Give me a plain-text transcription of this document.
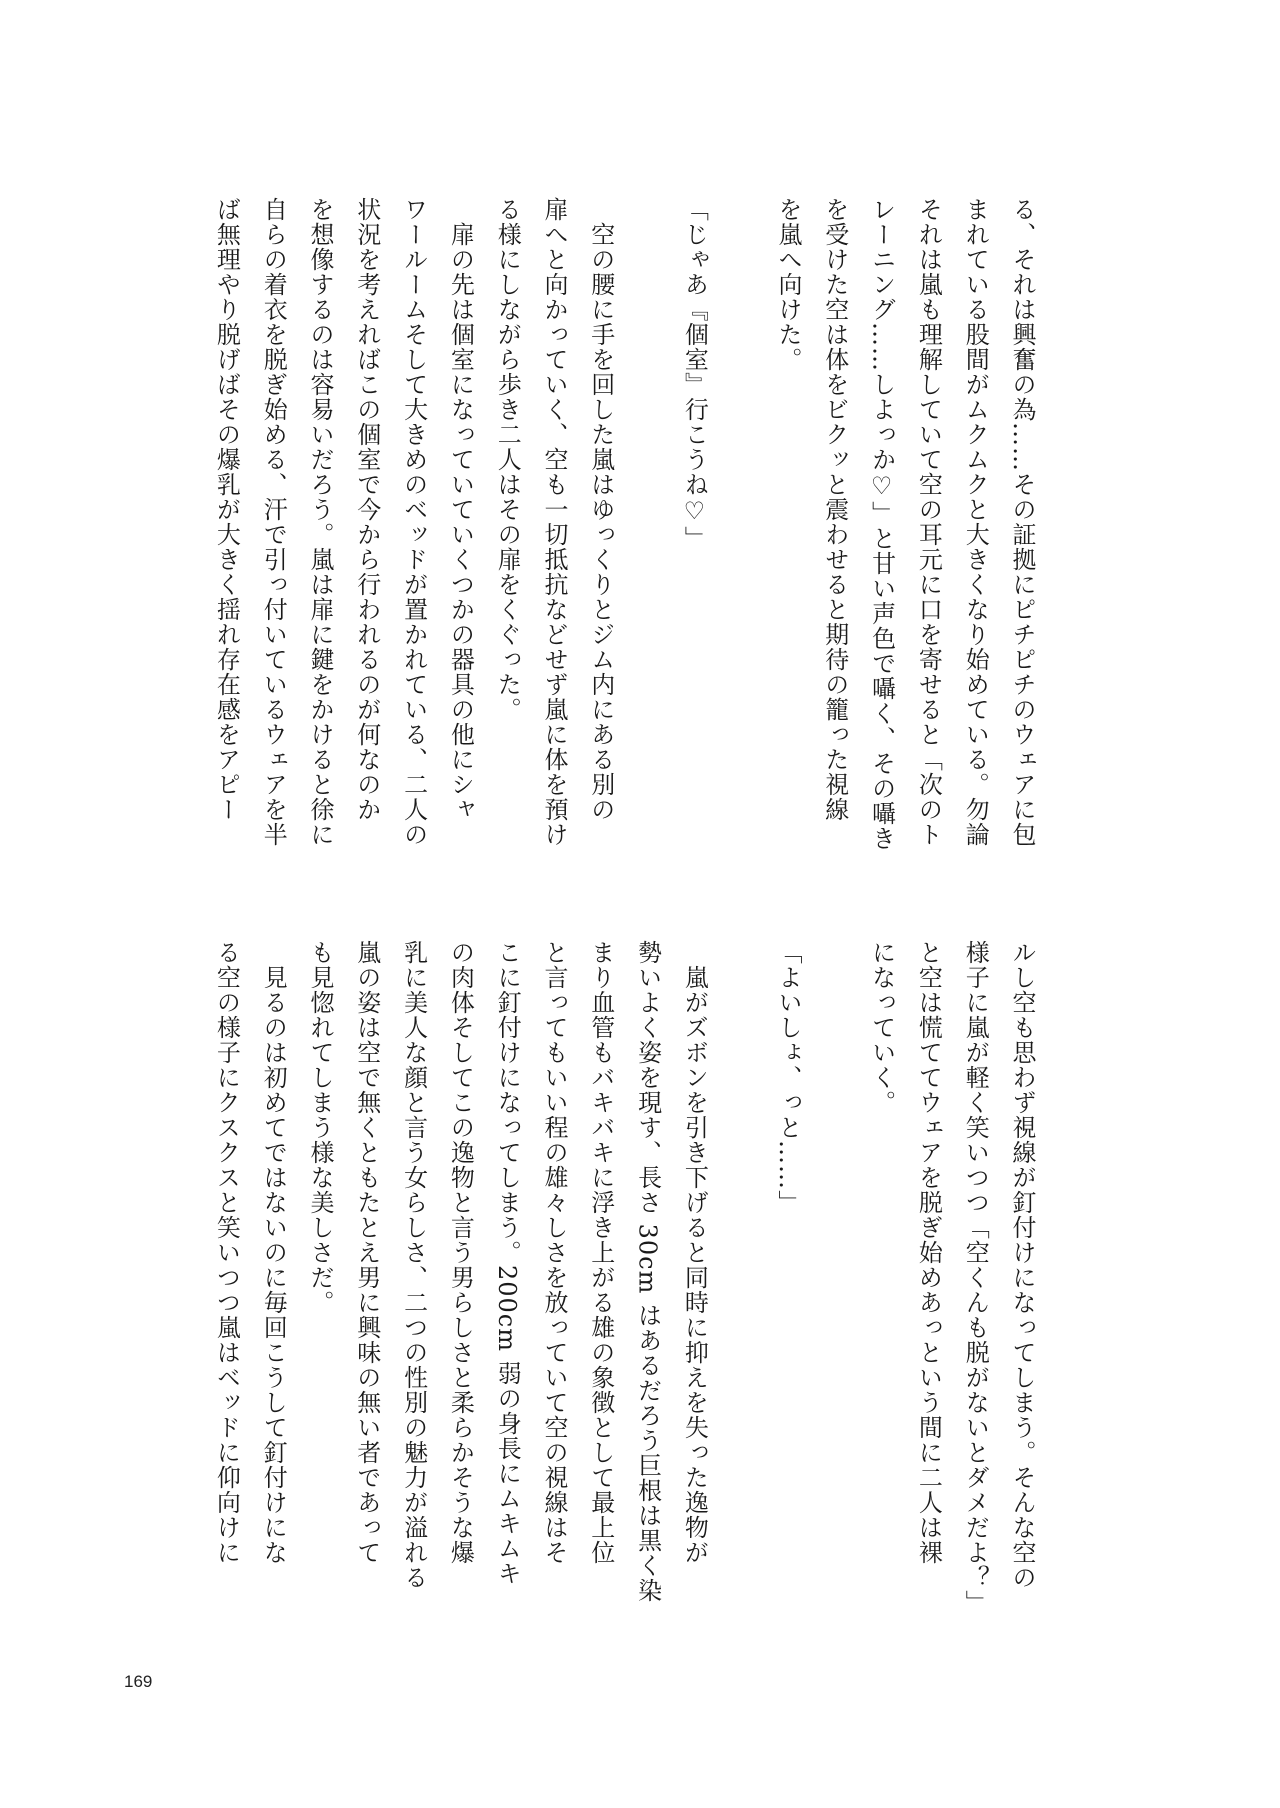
る、それは興奮の為……その証拠にピチピチのウェアに包
まれている股間がムクムクと大きくなり始めている。勿論
それは嵐も理解していて空の耳元に口を寄せると「次のト
レーニング……しよっか♡」と甘い声色で囁く、その囁き
を受けた空は体をビクッと震わせると期待の籠った視線
を嵐へ向けた。
「じゃあ『個室』行こうね♡」
　空の腰に手を回した嵐はゆっくりとジム内にある別の
扉へと向かっていく、空も一切抵抗などせず嵐に体を預け
る様にしながら歩き二人はその扉をくぐった。
　扉の先は個室になっていていくつかの器具の他にシャ
ワールームそして大きめのベッドが置かれている、二人の
状況を考えればこの個室で今から行われるのが何なのか
を想像するのは容易いだろう。嵐は扉に鍵をかけると徐に
自らの着衣を脱ぎ始める、汗で引っ付いているウェアを半
ば無理やり脱げばその爆乳が大きく揺れ存在感をアピー
ルし空も思わず視線が釘付けになってしまう。そんな空の
様子に嵐が軽く笑いつつ「空くんも脱がないとダメだよ？」
と空は慌ててウェアを脱ぎ始めあっという間に二人は裸
になっていく。
「よいしょ、っと……」
　嵐がズボンを引き下げると同時に抑えを失った逸物が
勢いよく姿を現す、長さ 30cm はあるだろう巨根は黒く染
まり血管もバキバキに浮き上がる雄の象徴として最上位
と言ってもいい程の雄々しさを放っていて空の視線はそ
こに釘付けになってしまう。200cm 弱の身長にムキムキ
の肉体そしてこの逸物と言う男らしさと柔らかそうな爆
乳に美人な顔と言う女らしさ、二つの性別の魅力が溢れる
嵐の姿は空で無くともたとえ男に興味の無い者であって
も見惚れてしまう様な美しさだ。
　見るのは初めてではないのに毎回こうして釘付けにな
る空の様子にクスクスと笑いつつ嵐はベッドに仰向けに
169
